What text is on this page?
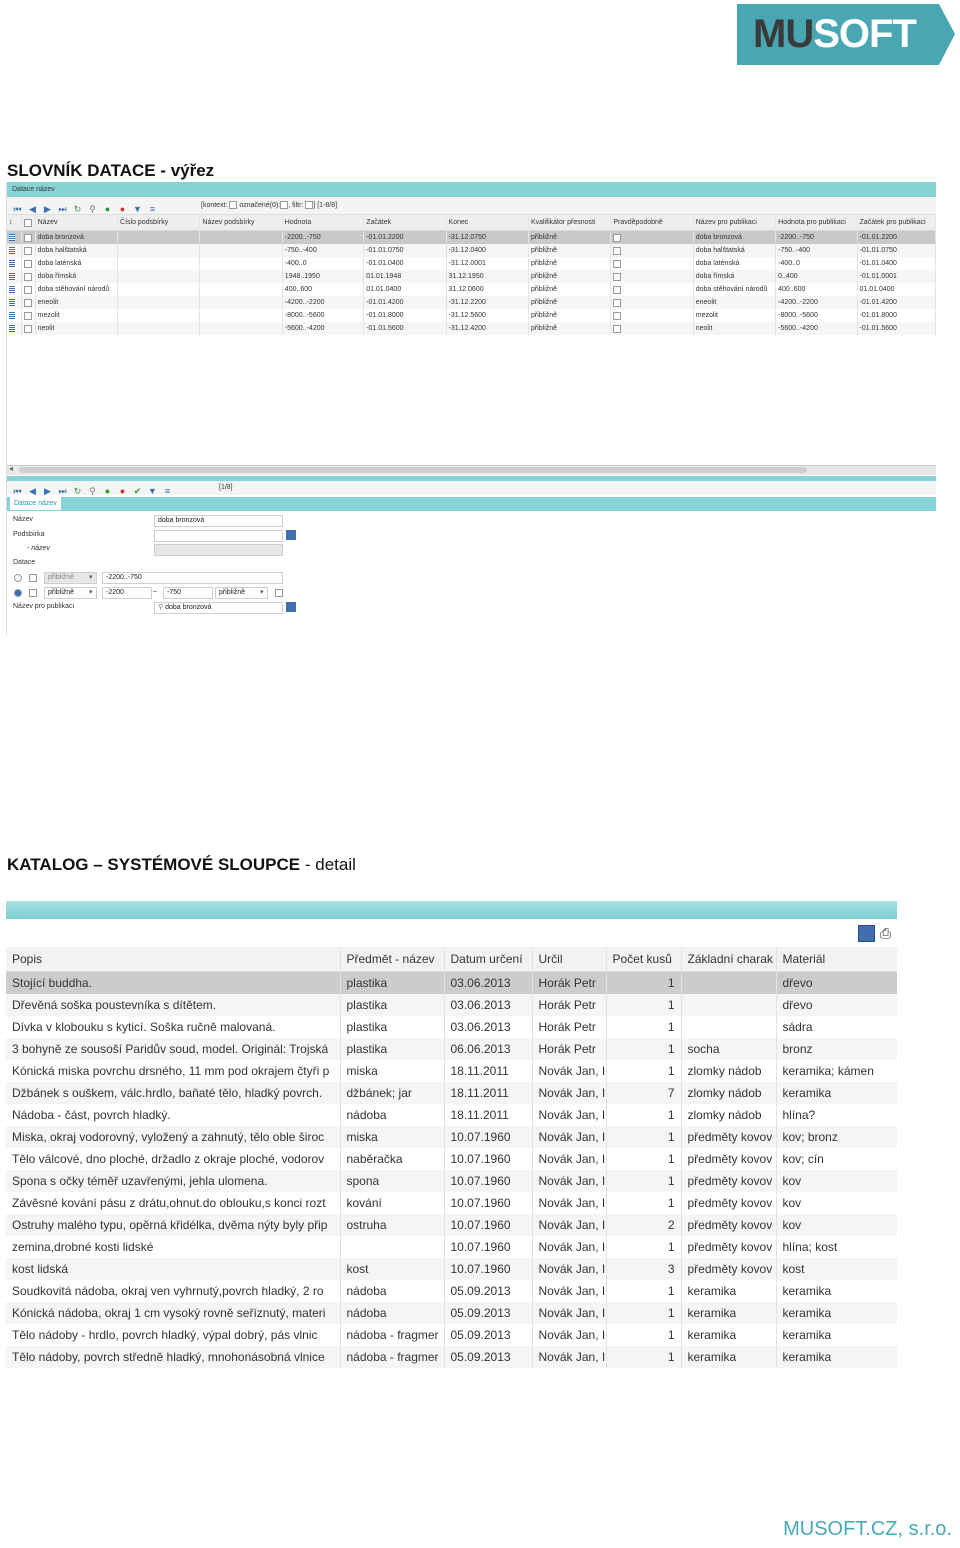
MUSOFT
SLOVNÍK DATACE - výřez
Datace název
⏮ ◀ ▶ ⏭ ↻ ⚲ ● ● ▼ ≡	[kontext:  označené(0): , filtr: ] [1-8/8]
↕		Název	Číslo podsbírky	Název podsbírky	Hodnota	Začátek	Konec	Kvalifikátor přesnosti	Pravděpodobně	Název pro publikaci	Hodnota pro publikaci	Začátek pro publikaci
		doba bronzová			-2200..-750	-01.01.2200	-31.12.0750	přibližně		doba bronzová	-2200..-750	-01.01.2200
		doba halštatská			-750..-400	-01.01.0750	-31.12.0400	přibližně		doba halštatská	-750..-400	-01.01.0750
		doba laténská			-400..0	-01.01.0400	-31.12.0001	přibližně		doba laténská	-400..0	-01.01.0400
		doba římská			1948..1950	01.01.1948	31.12.1950	přibližně		doba římská	0..400	-01.01.0001
		doba stěhování národů			400..600	01.01.0400	31.12.0600	přibližně		doba stěhování národů	400..600	01.01.0400
		eneolit			-4200..-2200	-01.01.4200	-31.12.2200	přibližně		eneolit	-4200..-2200	-01.01.4200
		mezolit			-8000..-5600	-01.01.8000	-31.12.5600	přibližně		mezolit	-8000..-5600	-01.01.8000
		neolit			-5600..-4200	-01.01.5600	-31.12.4200	přibližně		neolit	-5600..-4200	-01.01.5600
◂
⏮ ◀ ▶ ⏭ ↻ ⚲ ● ● ✔ ▼ ≡	[1/8]
Datace název
Název	doba bronzová
Podsbírka
- název
Datace
přibližně	▾	-2200..-750
přibližně	▾	-2200	–	-750	přibližně	▾
Název pro publikaci	⚲ doba bronzová
KATALOG – SYSTÉMOVÉ SLOUPCE - detail
⎙
Popis	Předmět - název	Datum určení	Určil	Počet kusů	Základní charak	Materiál
Stojící buddha.	plastika	03.06.2013	Horák Petr	1		dřevo
Dřevěná soška poustevníka s dítětem.	plastika	03.06.2013	Horák Petr	1		dřevo
Dívka v klobouku s kyticí. Soška ručně malovaná.	plastika	03.06.2013	Horák Petr	1		sádra
3 bohyně ze sousoší Paridův soud, model. Originál: Trojská	plastika	06.06.2013	Horák Petr	1	socha	bronz
Kónická miska povrchu drsného, 11 mm pod okrajem čtyři p	miska	18.11.2011	Novák Jan, I	1	zlomky nádob	keramika; kámen
Džbánek s ouškem, válc.hrdlo, baňaté tělo, hladký povrch.	džbánek; jar	18.11.2011	Novák Jan, I	7	zlomky nádob	keramika
Nádoba - část, povrch hladký.	nádoba	18.11.2011	Novák Jan, I	1	zlomky nádob	hlína?
Miska, okraj vodorovný, vyložený a zahnutý, tělo oble široc	miska	10.07.1960	Novák Jan, I	1	předměty kovov	kov; bronz
Tělo válcové, dno ploché, držadlo z okraje ploché, vodorov	naběračka	10.07.1960	Novák Jan, I	1	předměty kovov	kov; cín
Spona s očky téměř uzavřenými, jehla ulomena.	spona	10.07.1960	Novák Jan, I	1	předměty kovov	kov
Závěsné kování pásu z drátu,ohnut.do oblouku,s konci rozt	kování	10.07.1960	Novák Jan, I	1	předměty kovov	kov
Ostruhy malého typu, opěrná křidélka, dvěma nýty byly přip	ostruha	10.07.1960	Novák Jan, I	2	předměty kovov	kov
zemina,drobné kosti lidské		10.07.1960	Novák Jan, I	1	předměty kovov	hlína; kost
kost lidská	kost	10.07.1960	Novák Jan, I	3	předměty kovov	kost
Soudkovitá nádoba, okraj ven vyhrnutý,povrch hladký, 2 ro	nádoba	05.09.2013	Novák Jan, I	1	keramika	keramika
Kónická nádoba, okraj 1 cm vysoký rovně seříznutý, materi	nádoba	05.09.2013	Novák Jan, I	1	keramika	keramika
Tělo nádoby - hrdlo, povrch hladký, výpal dobrý, pás vlnic	nádoba - fragmer	05.09.2013	Novák Jan, I	1	keramika	keramika
Tělo nádoby, povrch středně hladký, mnohonásobná vlnice	nádoba - fragmer	05.09.2013	Novák Jan, I	1	keramika	keramika
MUSOFT.CZ, s.r.o.
